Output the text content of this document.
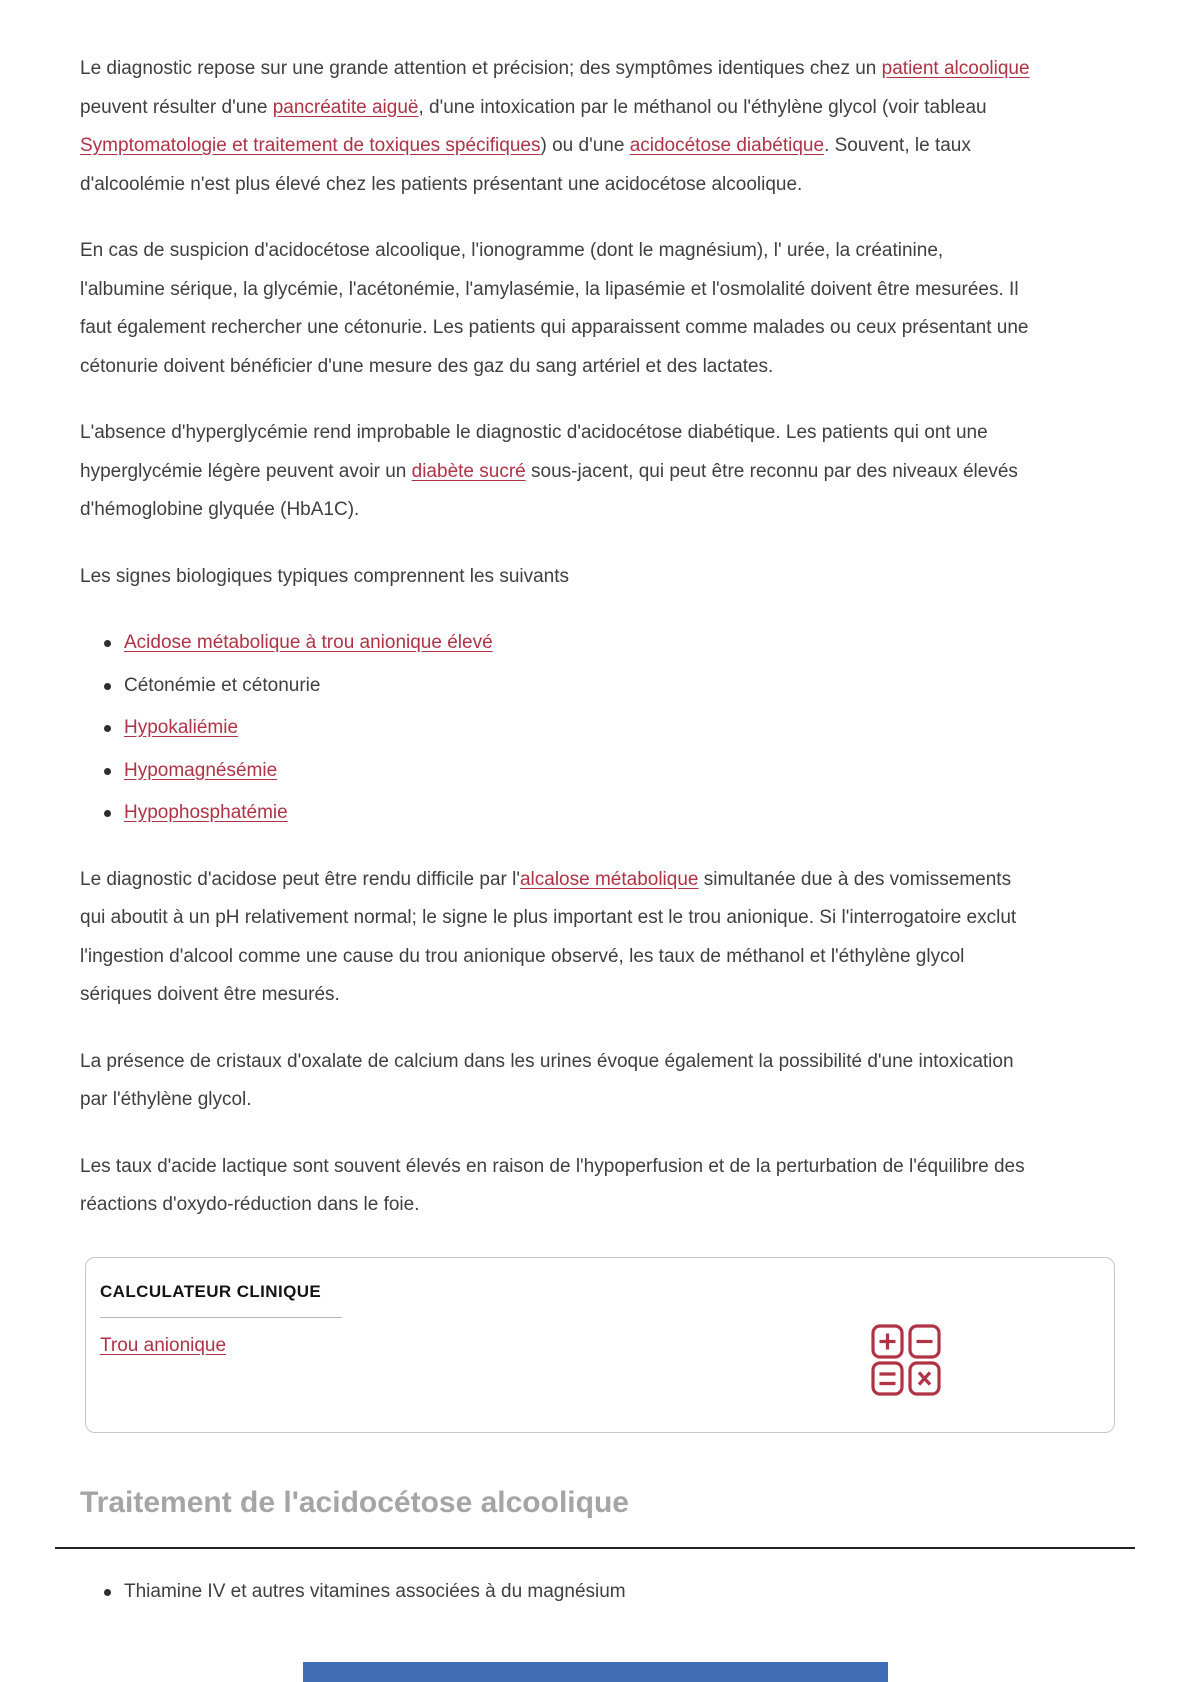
Le diagnostic repose sur une grande attention et précision; des symptômes identiques chez un patient alcoolique peuvent résulter d'une pancréatite aiguë, d'une intoxication par le méthanol ou l'éthylène glycol (voir tableau Symptomatologie et traitement de toxiques spécifiques) ou d'une acidocétose diabétique. Souvent, le taux d'alcoolémie n'est plus élevé chez les patients présentant une acidocétose alcoolique.

En cas de suspicion d'acidocétose alcoolique, l'ionogramme (dont le magnésium), l' urée, la créatinine, l'albumine sérique, la glycémie, l'acétonémie, l'amylasémie, la lipasémie et l'osmolalité doivent être mesurées. Il faut également rechercher une cétonurie. Les patients qui apparaissent comme malades ou ceux présentant une cétonurie doivent bénéficier d'une mesure des gaz du sang artériel et des lactates.

L'absence d'hyperglycémie rend improbable le diagnostic d'acidocétose diabétique. Les patients qui ont une hyperglycémie légère peuvent avoir un diabète sucré sous-jacent, qui peut être reconnu par des niveaux élevés d'hémoglobine glyquée (HbA1C).

Les signes biologiques typiques comprennent les suivants

Acidose métabolique à trou anionique élevé
Cétonémie et cétonurie
Hypokaliémie
Hypomagnésémie
Hypophosphatémie

Le diagnostic d'acidose peut être rendu difficile par l'alcalose métabolique simultanée due à des vomissements qui aboutit à un pH relativement normal; le signe le plus important est le trou anionique. Si l'interrogatoire exclut l'ingestion d'alcool comme une cause du trou anionique observé, les taux de méthanol et l'éthylène glycol sériques doivent être mesurés.

La présence de cristaux d'oxalate de calcium dans les urines évoque également la possibilité d'une intoxication par l'éthylène glycol.

Les taux d'acide lactique sont souvent élevés en raison de l'hypoperfusion et de la perturbation de l'équilibre des réactions d'oxydo-réduction dans le foie.

CALCULATEUR CLINIQUE
Trou anionique
Traitement de l'acidocétose alcoolique
Thiamine IV et autres vitamines associées à du magnésium
